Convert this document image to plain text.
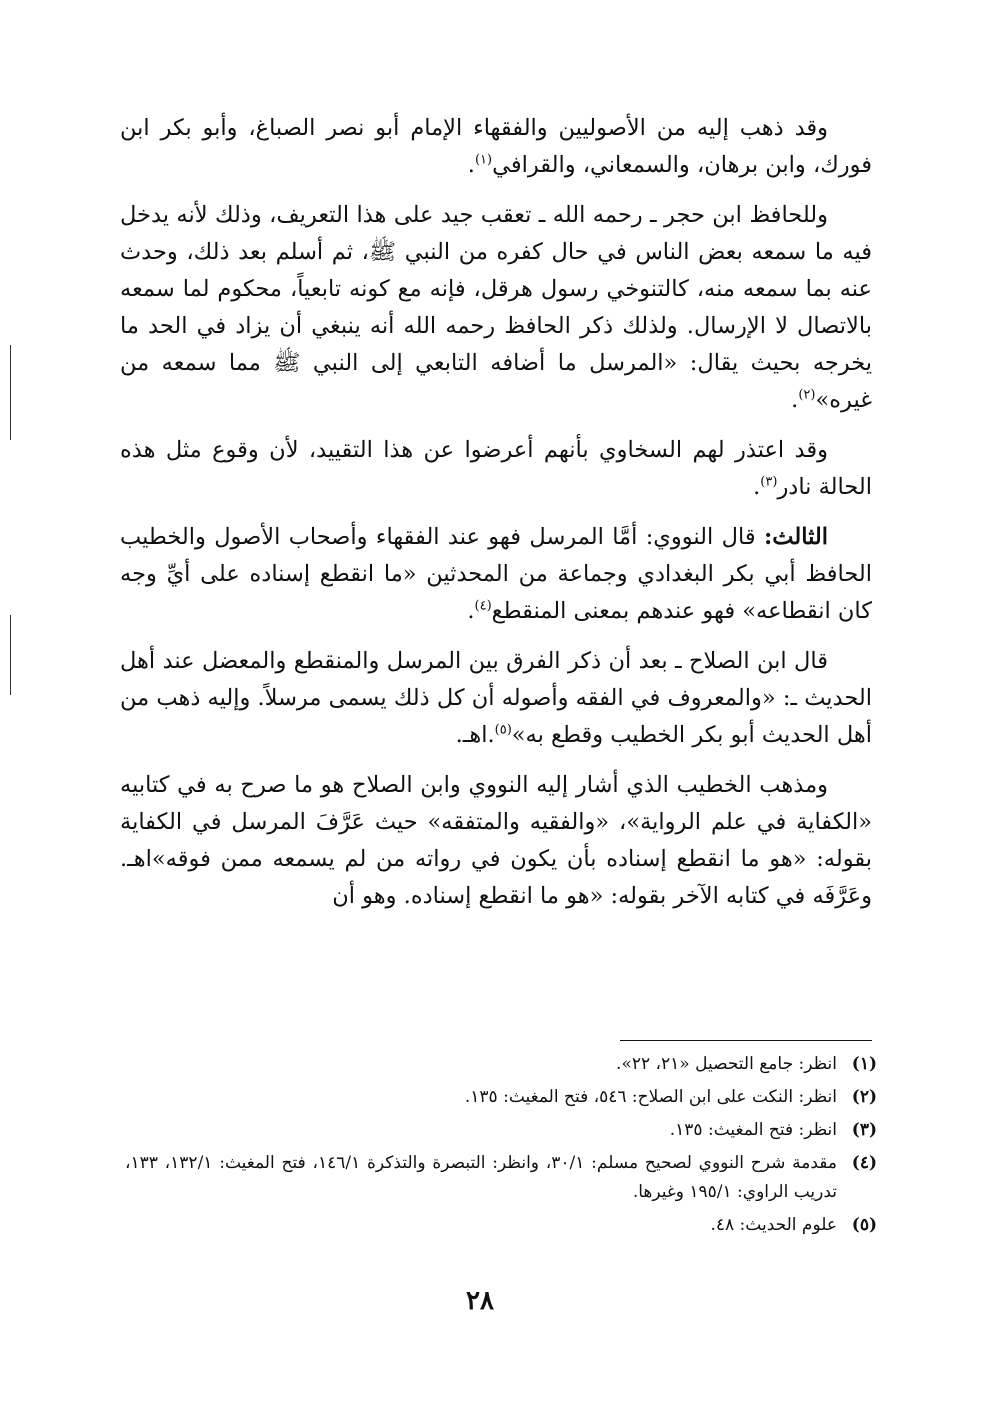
وقد ذهب إليه من الأصوليين والفقهاء الإمام أبو نصر الصباغ، وأبو بكر ابن فورك، وابن برهان، والسمعاني، والقرافي$^{(١)}$.

وللحافظ ابن حجر ـ رحمه الله ـ تعقب جيد على هذا التعريف، وذلك لأنه يدخل فيه ما سمعه بعض الناس في حال كفره من النبي ﷺ، ثم أسلم بعد ذلك، وحدث عنه بما سمعه منه، كالتنوخي رسول هرقل، فإنه مع كونه تابعياً، محكوم لما سمعه بالاتصال لا الإرسال. ولذلك ذكر الحافظ رحمه الله أنه ينبغي أن يزاد في الحد ما يخرجه بحيث يقال: «المرسل ما أضافه التابعي إلى النبي ﷺ مما سمعه من غيره»$^{(٢)}$.

وقد اعتذر لهم السخاوي بأنهم أعرضوا عن هذا التقييد، لأن وقوع مثل هذه الحالة نادر$^{(٣)}$.

الثالث: قال النووي: أمَّا المرسل فهو عند الفقهاء وأصحاب الأصول والخطيب الحافظ أبي بكر البغدادي وجماعة من المحدثين «ما انقطع إسناده على أيِّ وجه كان انقطاعه» فهو عندهم بمعنى المنقطع$^{(٤)}$.

قال ابن الصلاح ـ بعد أن ذكر الفرق بين المرسل والمنقطع والمعضل عند أهل الحديث ـ: «والمعروف في الفقه وأصوله أن كل ذلك يسمى مرسلاً. وإليه ذهب من أهل الحديث أبو بكر الخطيب وقطع به»$^{(٥)}$.اهـ.

ومذهب الخطيب الذي أشار إليه النووي وابن الصلاح هو ما صرح به في كتابيه «الكفاية في علم الرواية»، «والفقيه والمتفقه» حيث عَرَّفَ المرسل في الكفاية بقوله: «هو ما انقطع إسناده بأن يكون في رواته من لم يسمعه ممن فوقه»اهـ. وعَرَّفَه في كتابه الآخر بقوله: «هو ما انقطع إسناده. وهو أن

(١)
انظر: جامع التحصيل «٢١، ٢٢».
(٢)
انظر: النكت على ابن الصلاح: ٥٤٦، فتح المغيث: ١٣٥.
(٣)
انظر: فتح المغيث: ١٣٥.
(٤)
مقدمة شرح النووي لصحيح مسلم: ٣٠/١، وانظر: التبصرة والتذكرة ١٤٦/١، فتح المغيث: ١٣٢/١، ١٣٣، تدريب الراوي: ١٩٥/١ وغيرها.
(٥)
علوم الحديث: ٤٨.
٢٨
